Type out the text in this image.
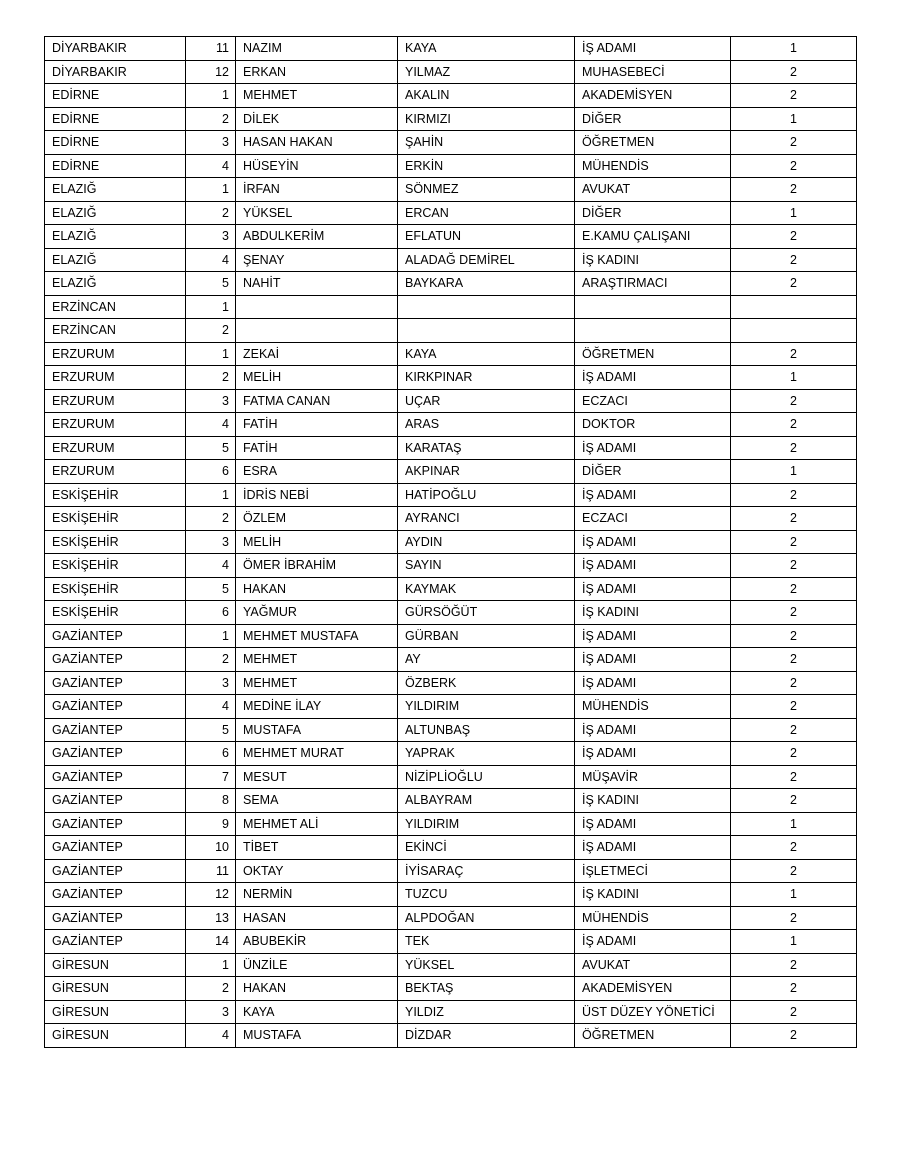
DİYARBAKIR	11	NAZIM	KAYA	İŞ ADAMI	1
DİYARBAKIR	12	ERKAN	YILMAZ	MUHASEBECİ	2
EDİRNE	1	MEHMET	AKALIN	AKADEMİSYEN	2
EDİRNE	2	DİLEK	KIRMIZI	DİĞER	1
EDİRNE	3	HASAN HAKAN	ŞAHİN	ÖĞRETMEN	2
EDİRNE	4	HÜSEYİN	ERKİN	MÜHENDİS	2
ELAZIĞ	1	İRFAN	SÖNMEZ	AVUKAT	2
ELAZIĞ	2	YÜKSEL	ERCAN	DİĞER	1
ELAZIĞ	3	ABDULKERİM	EFLATUN	E.KAMU ÇALIŞANI	2
ELAZIĞ	4	ŞENAY	ALADAĞ DEMİREL	İŞ KADINI	2
ELAZIĞ	5	NAHİT	BAYKARA	ARAŞTIRMACI	2
ERZİNCAN	1				
ERZİNCAN	2				
ERZURUM	1	ZEKAİ	KAYA	ÖĞRETMEN	2
ERZURUM	2	MELİH	KIRKPINAR	İŞ ADAMI	1
ERZURUM	3	FATMA CANAN	UÇAR	ECZACI	2
ERZURUM	4	FATİH	ARAS	DOKTOR	2
ERZURUM	5	FATİH	KARATAŞ	İŞ ADAMI	2
ERZURUM	6	ESRA	AKPINAR	DİĞER	1
ESKİŞEHİR	1	İDRİS NEBİ	HATİPOĞLU	İŞ ADAMI	2
ESKİŞEHİR	2	ÖZLEM	AYRANCI	ECZACI	2
ESKİŞEHİR	3	MELİH	AYDIN	İŞ ADAMI	2
ESKİŞEHİR	4	ÖMER İBRAHİM	SAYIN	İŞ ADAMI	2
ESKİŞEHİR	5	HAKAN	KAYMAK	İŞ ADAMI	2
ESKİŞEHİR	6	YAĞMUR	GÜRSÖĞÜT	İŞ KADINI	2
GAZİANTEP	1	MEHMET MUSTAFA	GÜRBAN	İŞ ADAMI	2
GAZİANTEP	2	MEHMET	AY	İŞ ADAMI	2
GAZİANTEP	3	MEHMET	ÖZBERK	İŞ ADAMI	2
GAZİANTEP	4	MEDİNE İLAY	YILDIRIM	MÜHENDİS	2
GAZİANTEP	5	MUSTAFA	ALTUNBAŞ	İŞ ADAMI	2
GAZİANTEP	6	MEHMET MURAT	YAPRAK	İŞ ADAMI	2
GAZİANTEP	7	MESUT	NİZİPLİOĞLU	MÜŞAVİR	2
GAZİANTEP	8	SEMA	ALBAYRAM	İŞ KADINI	2
GAZİANTEP	9	MEHMET ALİ	YILDIRIM	İŞ ADAMI	1
GAZİANTEP	10	TİBET	EKİNCİ	İŞ ADAMI	2
GAZİANTEP	11	OKTAY	İYİSARAÇ	İŞLETMECİ	2
GAZİANTEP	12	NERMİN	TUZCU	İŞ KADINI	1
GAZİANTEP	13	HASAN	ALPDOĞAN	MÜHENDİS	2
GAZİANTEP	14	ABUBEKİR	TEK	İŞ ADAMI	1
GİRESUN	1	ÜNZİLE	YÜKSEL	AVUKAT	2
GİRESUN	2	HAKAN	BEKTAŞ	AKADEMİSYEN	2
GİRESUN	3	KAYA	YILDIZ	ÜST DÜZEY YÖNETİCİ	2
GİRESUN	4	MUSTAFA	DİZDAR	ÖĞRETMEN	2
